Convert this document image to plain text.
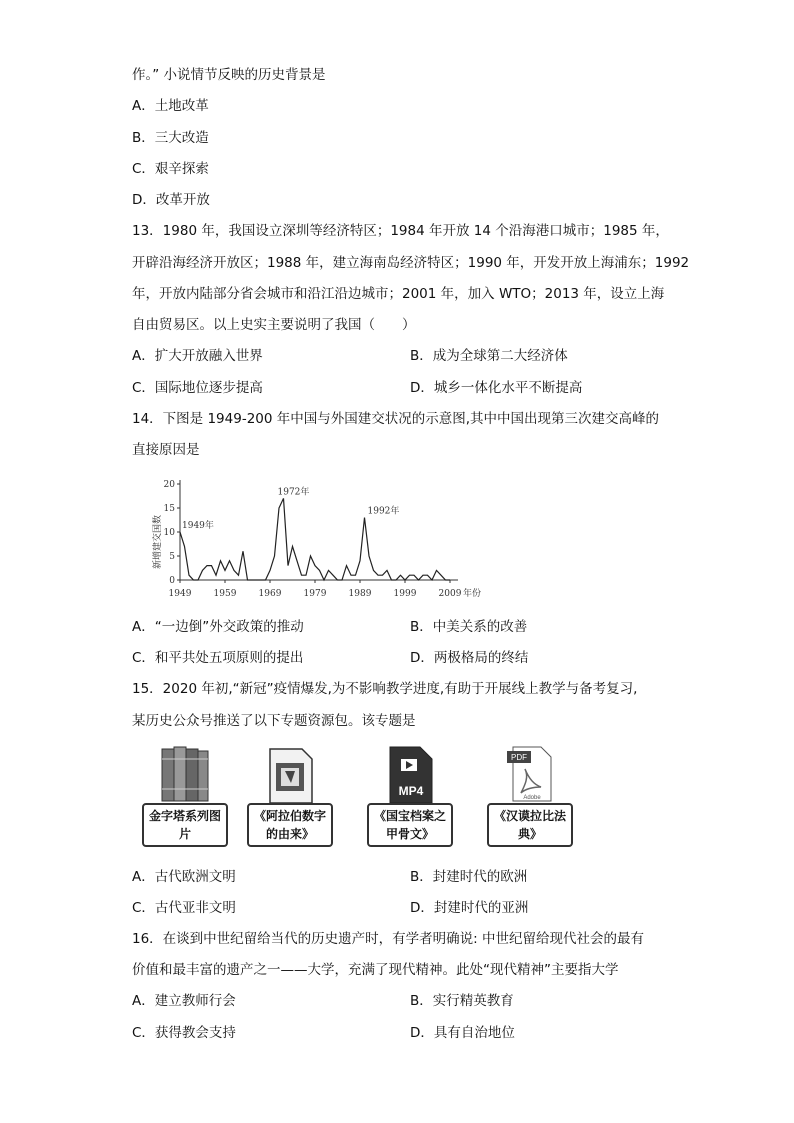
作。” 小说情节反映的历史背景是
A．土地改革
B．三大改造
C．艰辛探索
D．改革开放
13．1980 年，我国设立深圳等经济特区；1984 年开放 14 个沿海港口城市；1985 年，
开辟沿海经济开放区；1988 年，建立海南岛经济特区；1990 年，开发开放上海浦东；1992
年，开放内陆部分省会城市和沿江沿边城市；2001 年，加入 WTO；2013 年，设立上海
自由贸易区。以上史实主要说明了我国（　　）
A．扩大开放融入世界	B．成为全球第二大经济体
C．国际地位逐步提高	D．城乡一体化水平不断提高
14．下图是 1949-200 年中国与外国建交状况的示意图,其中中国出现第三次建交高峰的
直接原因是
新增建交国数
0
5
10
15
20
1949 1959 1969 1979 1989 1999 2009 年份
1949年
1972年
1992年
A．“一边倒”外交政策的推动	B．中美关系的改善
C．和平共处五项原则的提出	D．两极格局的终结
15．2020 年初,“新冠”疫情爆发,为不影响教学进度,有助于开展线上教学与备考复习,
某历史公众号推送了以下专题资源包。该专题是
金字塔系列图片
《阿拉伯数字的由来》
MP4
《国宝档案之甲骨文》
PDF
Adobe
《汉谟拉比法典》
A．古代欧洲文明	B．封建时代的欧洲
C．古代亚非文明	D．封建时代的亚洲
16．在谈到中世纪留给当代的历史遗产时，有学者明确说: 中世纪留给现代社会的最有
价值和最丰富的遗产之一——大学，充满了现代精神。此处“现代精神”主要指大学
A．建立教师行会	B．实行精英教育
C．获得教会支持	D．具有自治地位
